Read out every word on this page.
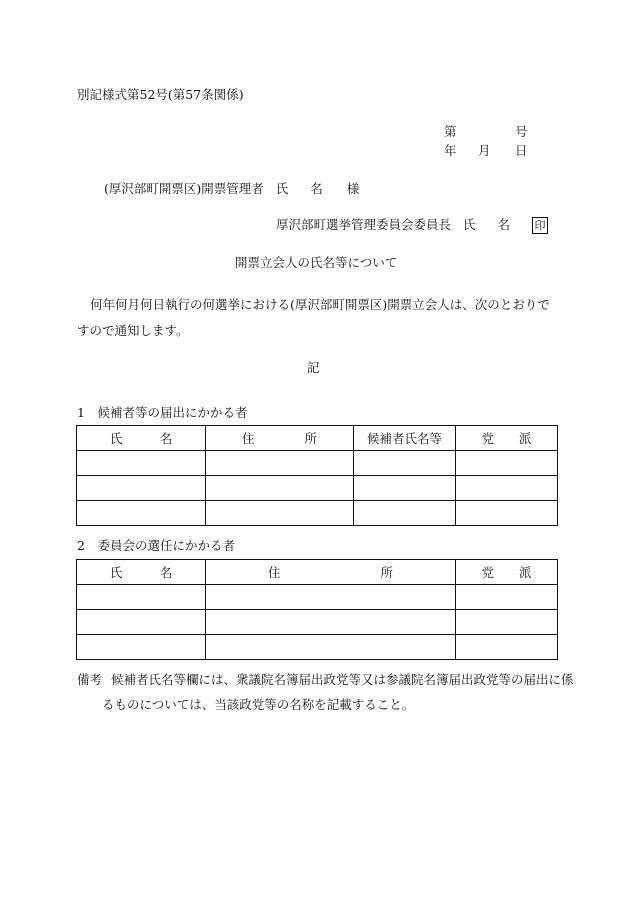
別記様式第52号(第57条関係)
第	号
年 月 日
(厚沢部町開票区)開票管理者 氏名 様
厚沢部町選挙管理委員会委員長 氏名 印
開票立会人の氏名等について
何年何月何日執行の何選挙における(厚沢部町開票区)開票立会人は、次のとおりですので通知します。
記
1　候補者等の届出にかかる者
氏　　　名	住　　　　所	候補者氏名等	党　　派

2　委員会の選任にかかる者
氏　　　名	住　　　　　　　　所	党　　派

備考 候補者氏名等欄には、衆議院名簿届出政党等又は参議院名簿届出政党等の届出に係
るものについては、当該政党等の名称を記載すること。
